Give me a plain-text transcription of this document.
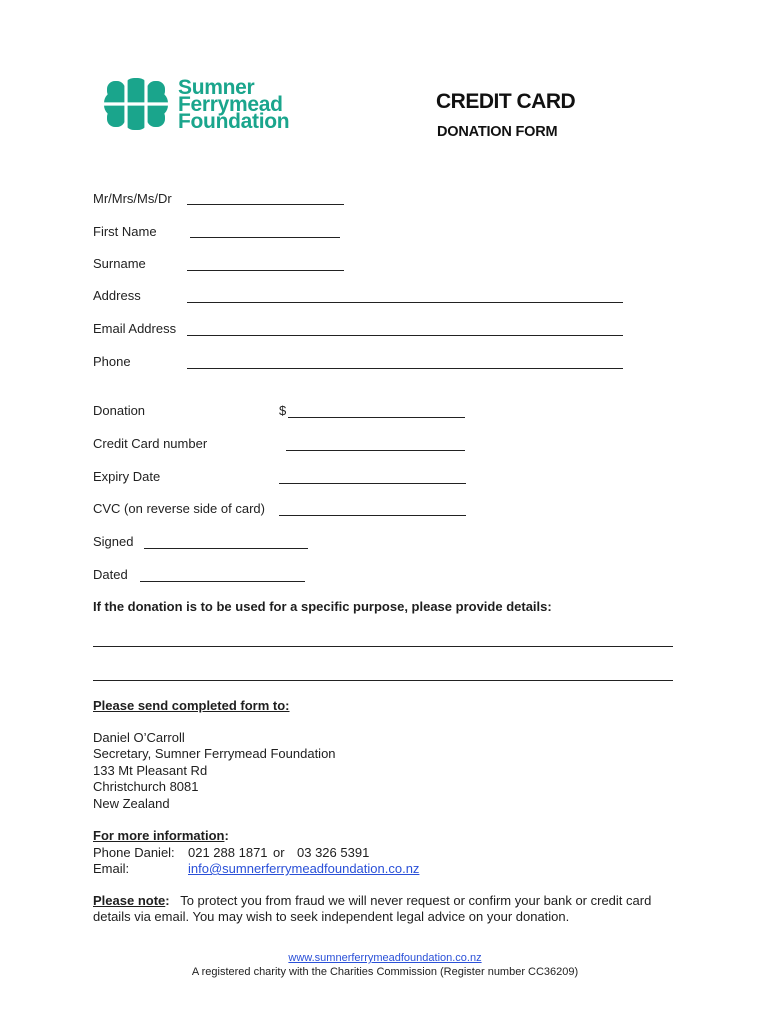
Sumner
Ferrymead
Foundation
CREDIT CARD
DONATION FORM
Mr/Mrs/Ms/Dr
First Name
Surname
Address
Email Address
Phone
Donation	$
Credit Card number
Expiry Date
CVC (on reverse side of card)
Signed
Dated
If the donation is to be used for a specific purpose, please provide details:
Please send completed form to:
Daniel O’Carroll
Secretary, Sumner Ferrymead Foundation
133 Mt Pleasant Rd
Christchurch 8081
New Zealand
For more information:
Phone Daniel: 021 288 1871 or 03 326 5391
Email:	info@sumnerferrymeadfoundation.co.nz
Please note: To protect you from fraud we will never request or confirm your bank or credit card
details via email. You may wish to seek independent legal advice on your donation.
www.sumnerferrymeadfoundation.co.nz
A registered charity with the Charities Commission (Register number CC36209)
